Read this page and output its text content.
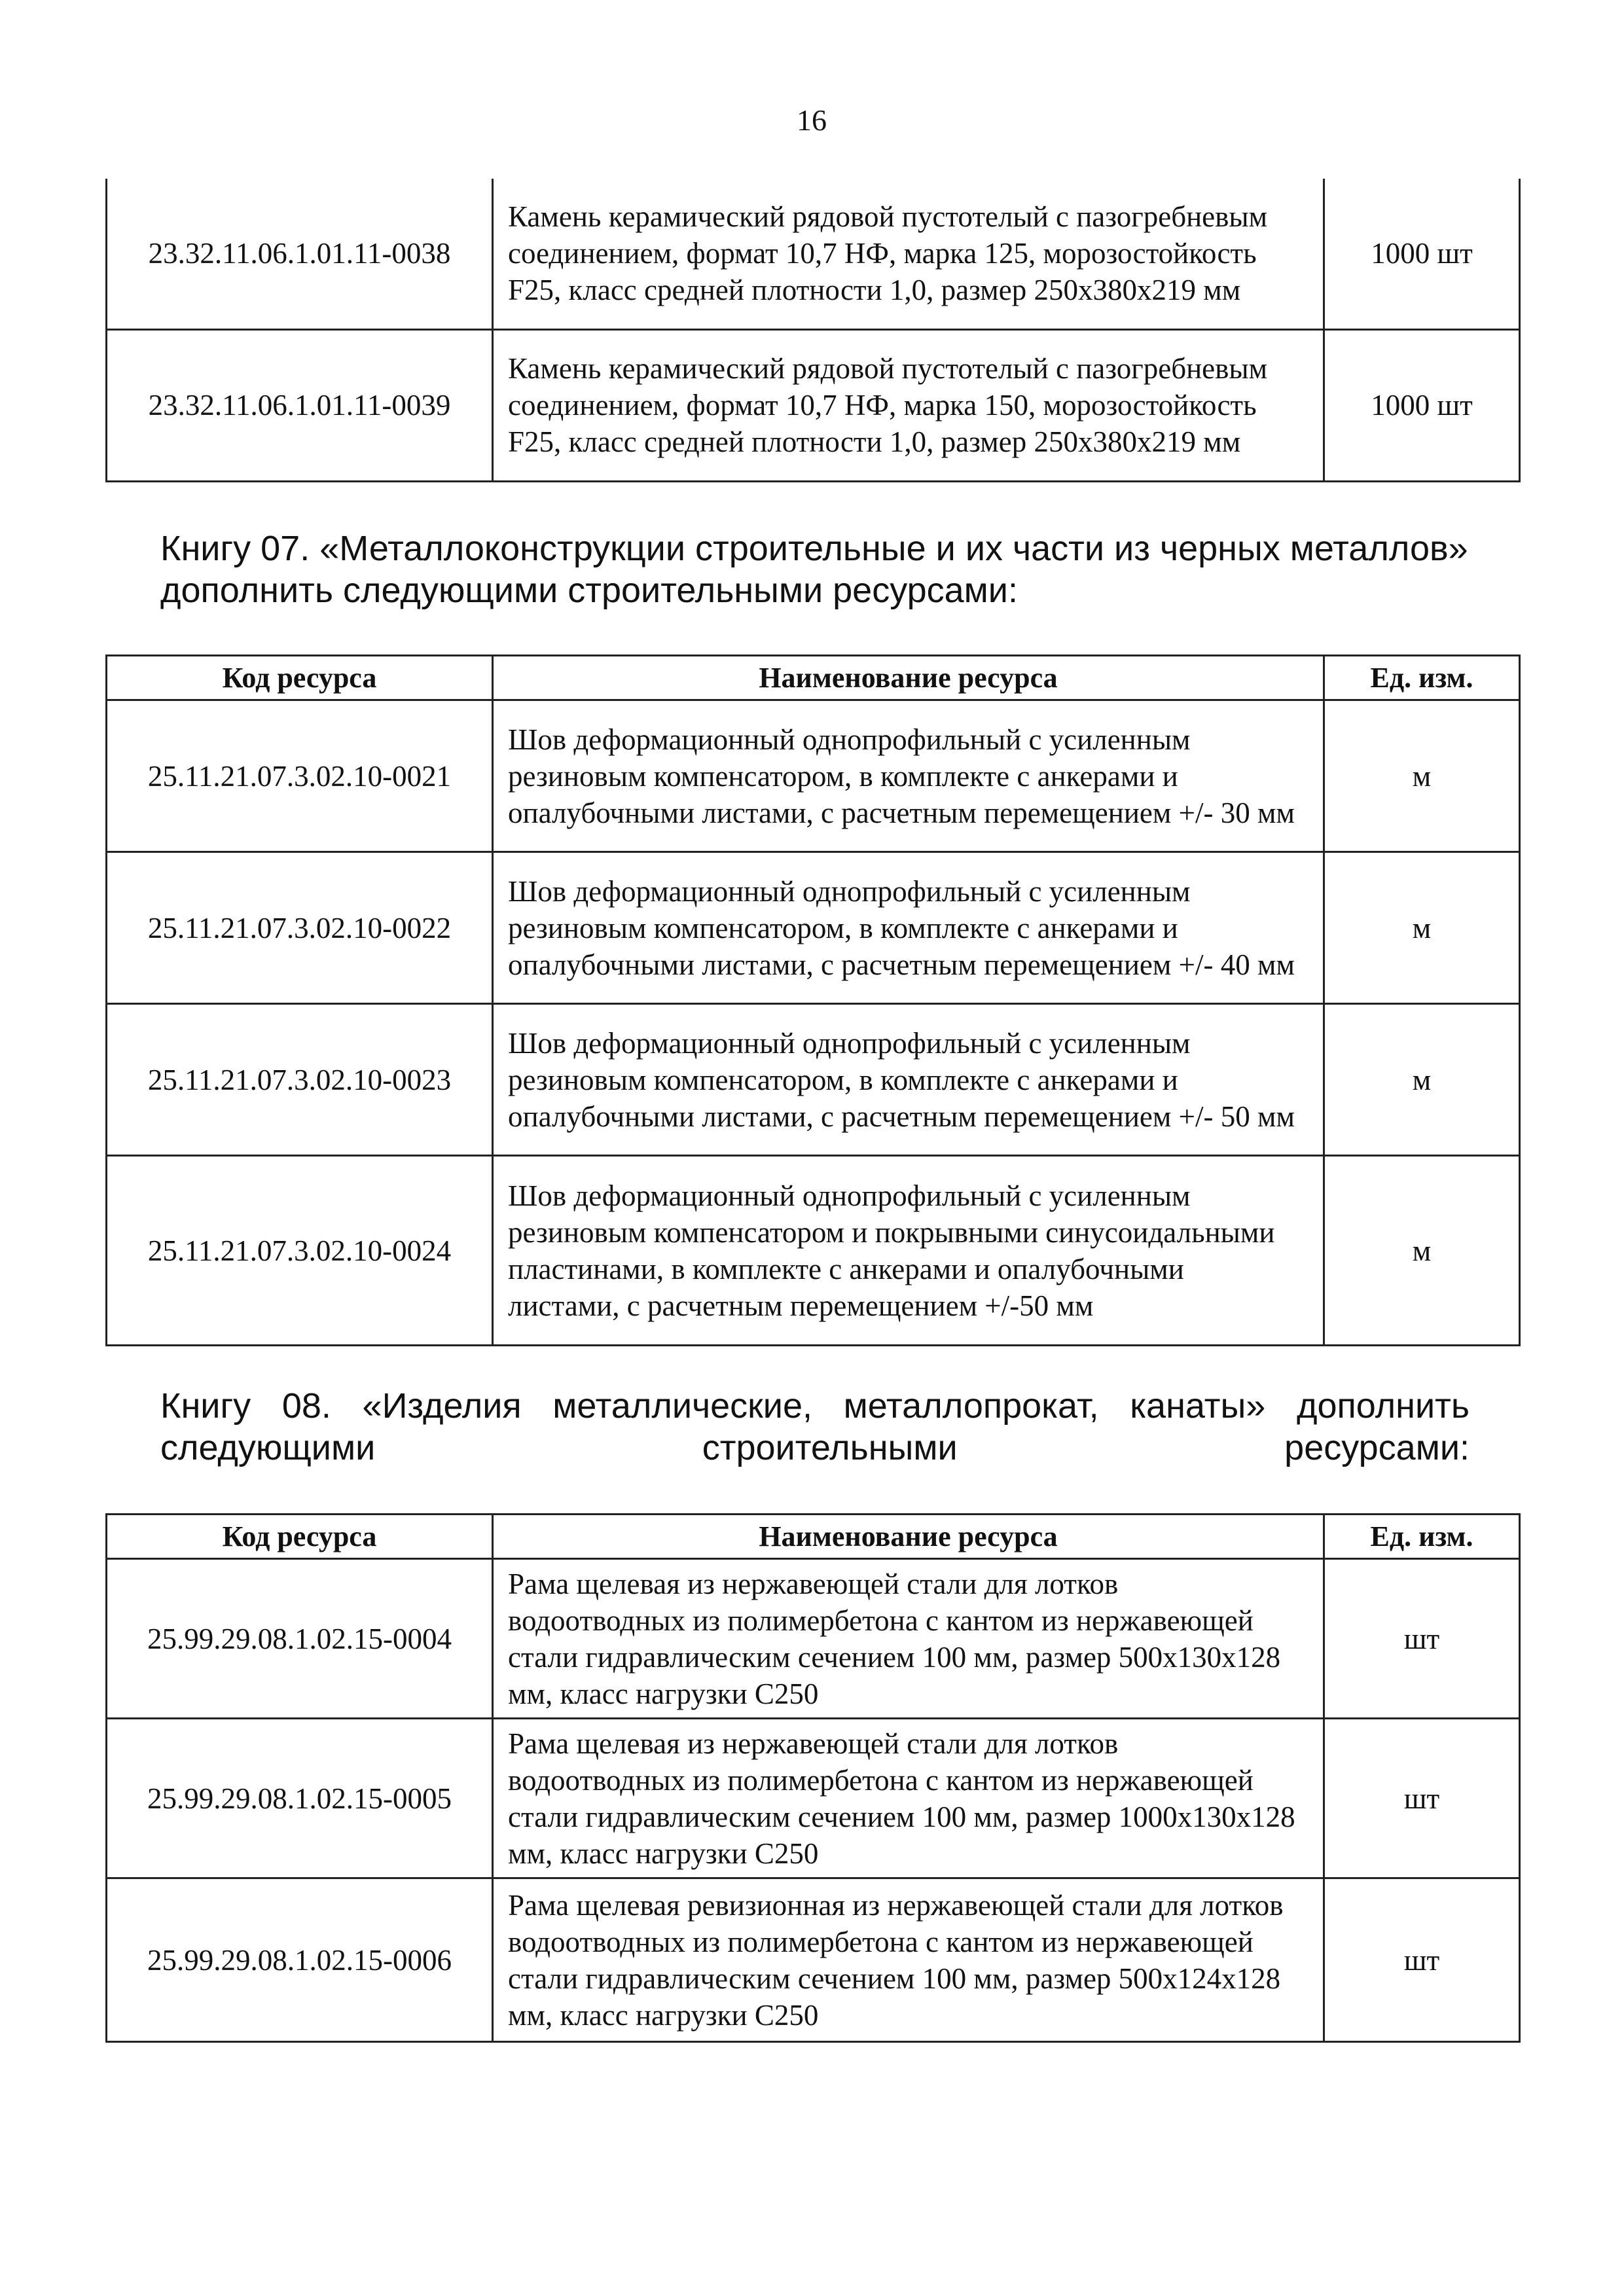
16
23.32.11.06.1.01.11-0038	Камень керамический рядовой пустотелый с пазогребневым соединением, формат 10,7 НФ, марка 125, морозостойкость F25, класс средней плотности 1,0, размер 250х380х219 мм	1000 шт
23.32.11.06.1.01.11-0039	Камень керамический рядовой пустотелый с пазогребневым соединением, формат 10,7 НФ, марка 150, морозостойкость F25, класс средней плотности 1,0, размер 250х380х219 мм	1000 шт
Книгу 07. «Металлоконструкции строительные и их части из черных металлов» дополнить следующими строительными ресурсами:
Код ресурса	Наименование ресурса	Ед. изм.
25.11.21.07.3.02.10-0021	Шов деформационный однопрофильный с усиленным резиновым компенсатором, в комплекте с анкерами и опалубочными листами, с расчетным перемещением +/- 30 мм	м
25.11.21.07.3.02.10-0022	Шов деформационный однопрофильный с усиленным резиновым компенсатором, в комплекте с анкерами и опалубочными листами, с расчетным перемещением +/- 40 мм	м
25.11.21.07.3.02.10-0023	Шов деформационный однопрофильный с усиленным резиновым компенсатором, в комплекте с анкерами и опалубочными листами, с расчетным перемещением +/- 50 мм	м
25.11.21.07.3.02.10-0024	Шов деформационный однопрофильный с усиленным резиновым компенсатором и покрывными синусоидальными пластинами, в комплекте с анкерами и опалубочными листами, с расчетным перемещением +/-50 мм	м
Книгу 08. «Изделия металлические, металлопрокат, канаты» дополнить следующими строительными ресурсами:
Код ресурса	Наименование ресурса	Ед. изм.
25.99.29.08.1.02.15-0004	Рама щелевая из нержавеющей стали для лотков водоотводных из полимербетона с кантом из нержавеющей стали гидравлическим сечением 100 мм, размер 500х130х128 мм, класс нагрузки С250	шт
25.99.29.08.1.02.15-0005	Рама щелевая из нержавеющей стали для лотков водоотводных из полимербетона с кантом из нержавеющей стали гидравлическим сечением 100 мм, размер 1000х130х128 мм, класс нагрузки С250	шт
25.99.29.08.1.02.15-0006	Рама щелевая ревизионная из нержавеющей стали для лотков водоотводных из полимербетона с кантом из нержавеющей стали гидравлическим сечением 100 мм, размер 500х124х128 мм, класс нагрузки С250	шт
